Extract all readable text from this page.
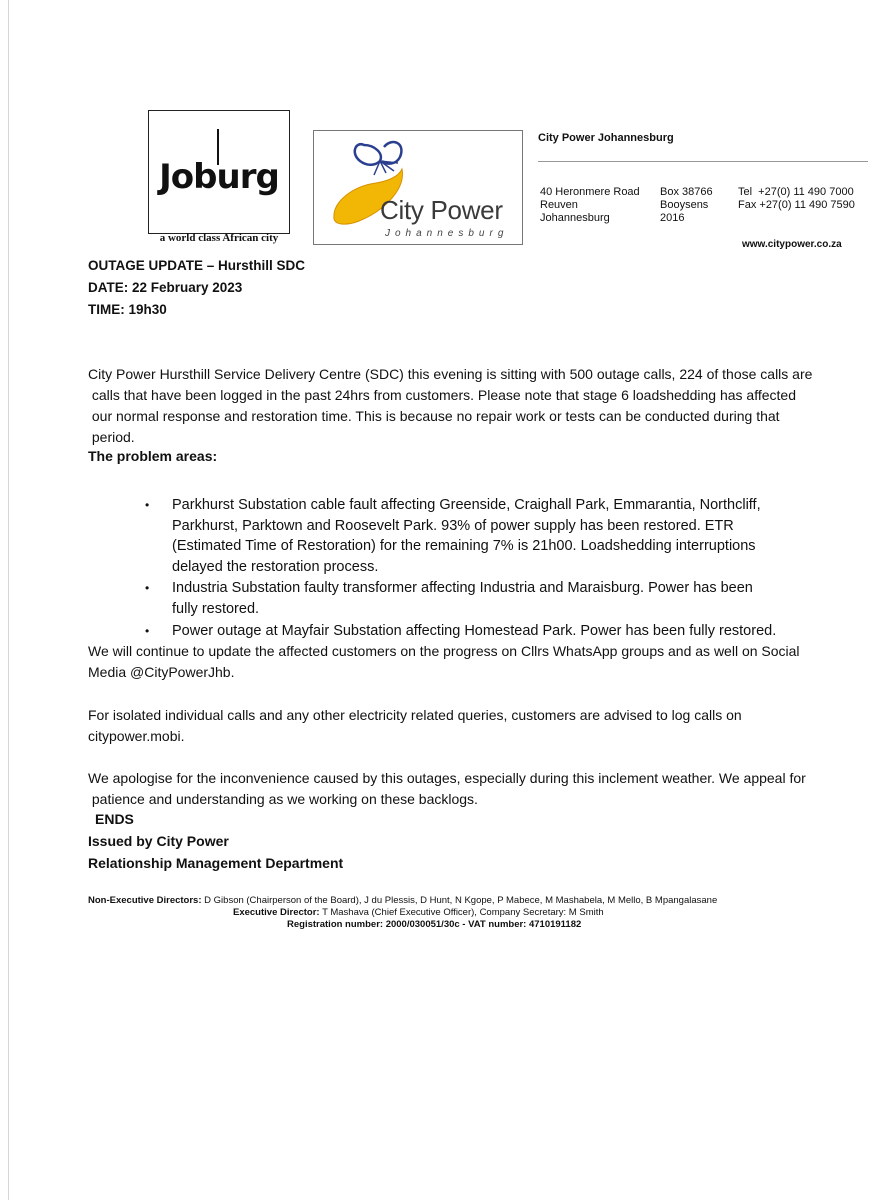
Joburg
a world class African city
City Power
Johannesburg
City Power Johannesburg
40 Heronmere Road
Reuven
Johannesburg
Box 38766
Booysens
2016
Tel  +27(0) 11 490 7000
Fax +27(0) 11 490 7590
www.citypower.co.za
OUTAGE UPDATE – Hursthill SDC
DATE: 22 February 2023
TIME: 19h30

City Power Hursthill Service Delivery Centre (SDC) this evening is sitting with 500 outage calls, 224 of those calls are

calls that have been logged in the past 24hrs from customers. Please note that stage 6 loadshedding has affected

our normal response and restoration time. This is because no repair work or tests can be conducted during that

period.

The problem areas:
• Parkhurst Substation cable fault affecting Greenside, Craighall Park, Emmarantia, Northcliff,
Parkhurst, Parktown and Roosevelt Park. 93% of power supply has been restored. ETR
(Estimated Time of Restoration) for the remaining 7% is 21h00. Loadshedding interruptions
delayed the restoration process.
• Industria Substation faulty transformer affecting Industria and Maraisburg. Power has been
fully restored.
• Power outage at Mayfair Substation affecting Homestead Park. Power has been fully restored.

We will continue to update the affected customers on the progress on Cllrs WhatsApp groups and as well on Social

Media @CityPowerJhb.

For isolated individual calls and any other electricity related queries, customers are advised to log calls on

citypower.mobi.

We apologise for the inconvenience caused by this outages, especially during this inclement weather. We appeal for

patience and understanding as we working on these backlogs.

ENDS
Issued by City Power
Relationship Management Department
Non-Executive Directors: D Gibson (Chairperson of the Board), J du Plessis, D Hunt, N Kgope, P Mabece, M Mashabela, M Mello, B Mpangalasane
Executive Director: T Mashava (Chief Executive Officer), Company Secretary: M Smith
Registration number: 2000/030051/30c - VAT number: 4710191182
